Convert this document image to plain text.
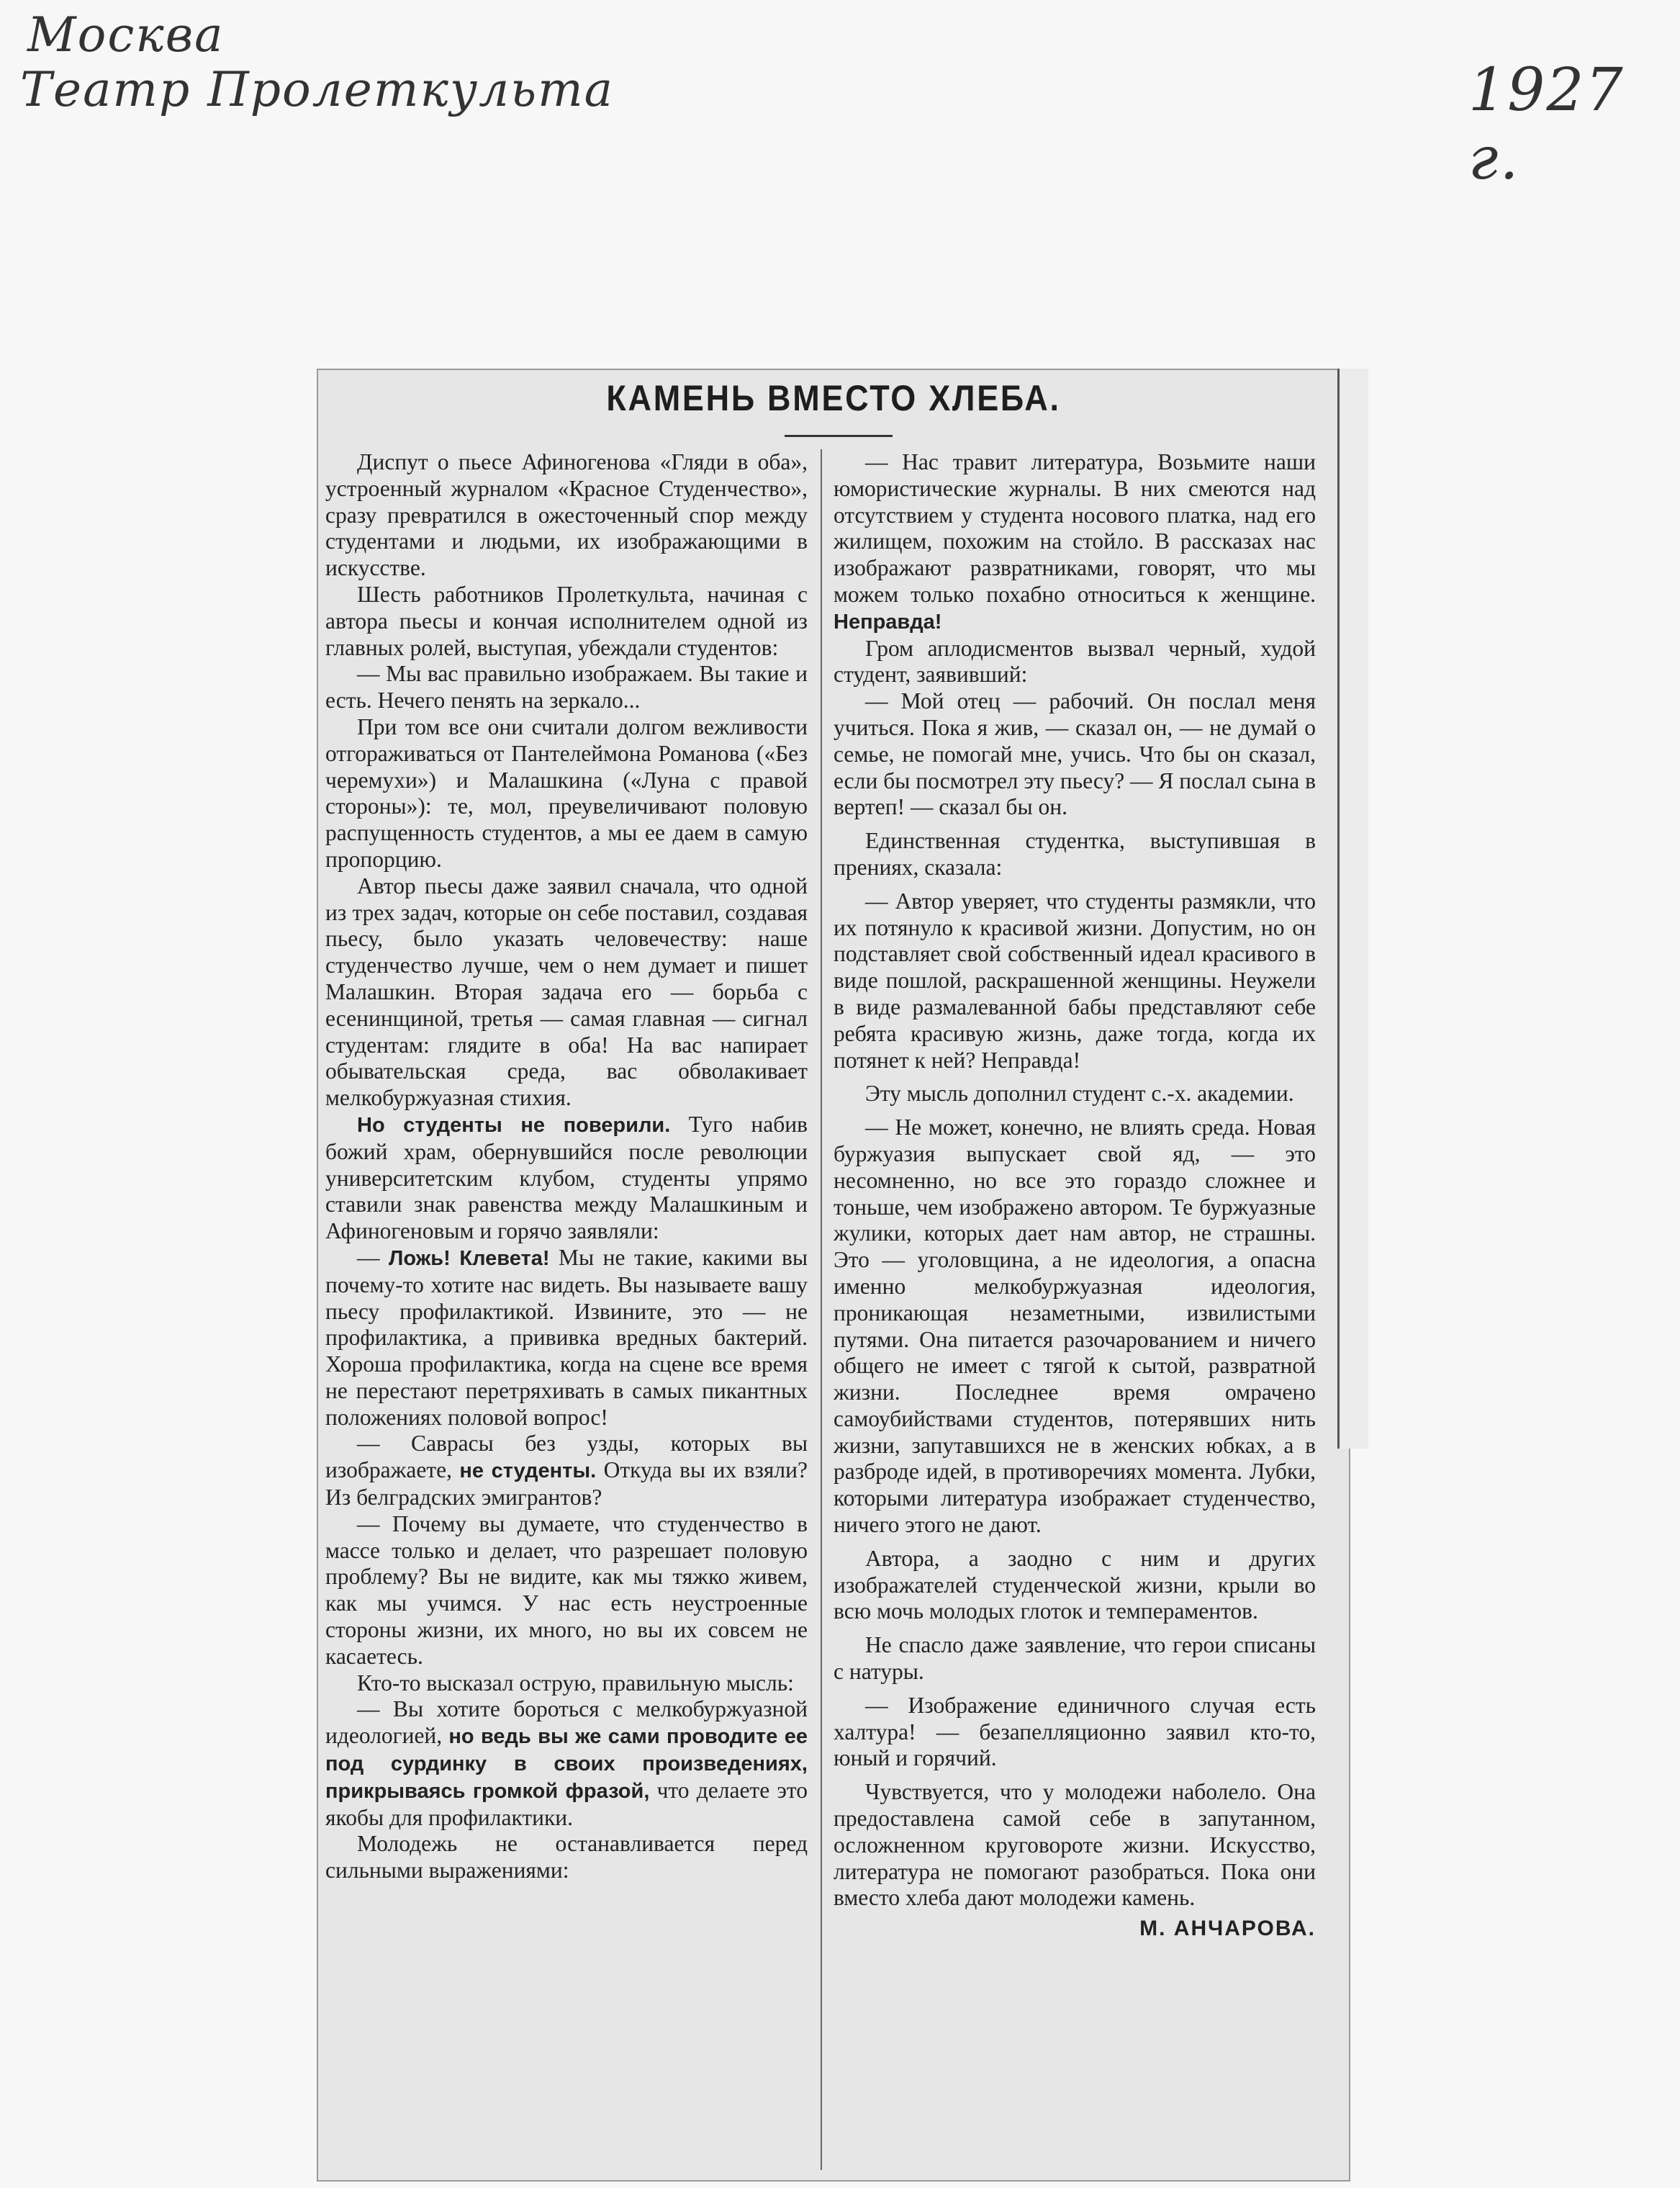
Москва
Театр Пролеткульта	1927 г.
КАМЕНЬ ВМЕСТО ХЛЕБА.

Диспут о пьесе Афиногенова «Гляди в оба», устроенный журналом «Красное Студенчество», сразу превратился в ожесточенный спор между студентами и людьми, их изображающими в искусстве.

Шесть работников Пролеткульта, начиная с автора пьесы и кончая исполнителем одной из главных ролей, выступая, убеждали студентов:

— Мы вас правильно изображаем. Вы такие и есть. Нечего пенять на зеркало...

При том все они считали долгом вежливости отгораживаться от Пантелеймона Романова («Без черемухи») и Малашкина («Луна с правой стороны»): те, мол, преувеличивают половую распущенность студентов, а мы ее даем в самую пропорцию.

Автор пьесы даже заявил сначала, что одной из трех задач, которые он себе поставил, создавая пьесу, было указать человечеству: наше студенчество лучше, чем о нем думает и пишет Малашкин. Вторая задача его — борьба с есенинщиной, третья — самая главная — сигнал студентам: глядите в оба! На вас напирает обывательская среда, вас обволакивает мелкобуржуазная стихия.

Но студенты не поверили. Туго набив божий храм, обернувшийся после революции университетским клубом, студенты упрямо ставили знак равенства между Малашкиным и Афиногеновым и горячо заявляли:

— Ложь! Клевета! Мы не такие, какими вы почему-то хотите нас видеть. Вы называете вашу пьесу профилактикой. Извините, это — не профилактика, а прививка вредных бактерий. Хороша профилактика, когда на сцене все время не перестают перетряхивать в самых пикантных положениях половой вопрос!

— Саврасы без узды, которых вы изображаете, не студенты. Откуда вы их взяли? Из белградских эмигрантов?

— Почему вы думаете, что студенчество в массе только и делает, что разрешает половую проблему? Вы не видите, как мы тяжко живем, как мы учимся. У нас есть неустроенные стороны жизни, их много, но вы их совсем не касаетесь.

Кто-то высказал острую, правильную мысль:

— Вы хотите бороться с мелкобуржуазной идеологией, но ведь вы же сами проводите ее под сурдинку в своих произведениях, прикрываясь громкой фразой, что делаете это якобы для профилактики.

Молодежь не останавливается перед сильными выражениями:

— Нас травит литература, Возьмите наши юмористические журналы. В них смеются над отсутствием у студента носового платка, над его жилищем, похожим на стойло. В рассказах нас изображают развратниками, говорят, что мы можем только похабно относиться к женщине. Неправда!

Гром аплодисментов вызвал черный, худой студент, заявивший:

— Мой отец — рабочий. Он послал меня учиться. Пока я жив, — сказал он, — не думай о семье, не помогай мне, учись. Что бы он сказал, если бы посмотрел эту пьесу? — Я послал сына в вертеп! — сказал бы он.

Единственная студентка, выступившая в прениях, сказала:

— Автор уверяет, что студенты размякли, что их потянуло к красивой жизни. Допустим, но он подставляет свой собственный идеал красивого в виде пошлой, раскрашенной женщины. Неужели в виде размалеванной бабы представляют себе ребята красивую жизнь, даже тогда, когда их потянет к ней? Неправда!

Эту мысль дополнил студент с.-х. академии.

— Не может, конечно, не влиять среда. Новая буржуазия выпускает свой яд, — это несомненно, но все это гораздо сложнее и тоньше, чем изображено автором. Те буржуазные жулики, которых дает нам автор, не страшны. Это — уголовщина, а не идеология, а опасна именно мелкобуржуазная идеология, проникающая незаметными, извилистыми путями. Она питается разочарованием и ничего общего не имеет с тягой к сытой, развратной жизни. Последнее время омрачено самоубийствами студентов, потерявших нить жизни, запутавшихся не в женских юбках, а в разброде идей, в противоречиях момента. Лубки, которыми литература изображает студенчество, ничего этого не дают.

Автора, а заодно с ним и других изображателей студенческой жизни, крыли во всю мочь молодых глоток и темпераментов.

Не спасло даже заявление, что герои списаны с натуры.

— Изображение единичного случая есть халтура! — безапелляционно заявил кто-то, юный и горячий.

Чувствуется, что у молодежи наболело. Она предоставлена самой себе в запутанном, осложненном круговороте жизни. Искусство, литература не помогают разобраться. Пока они вместо хлеба дают молодежи камень.

М. АНЧАРОВА.
